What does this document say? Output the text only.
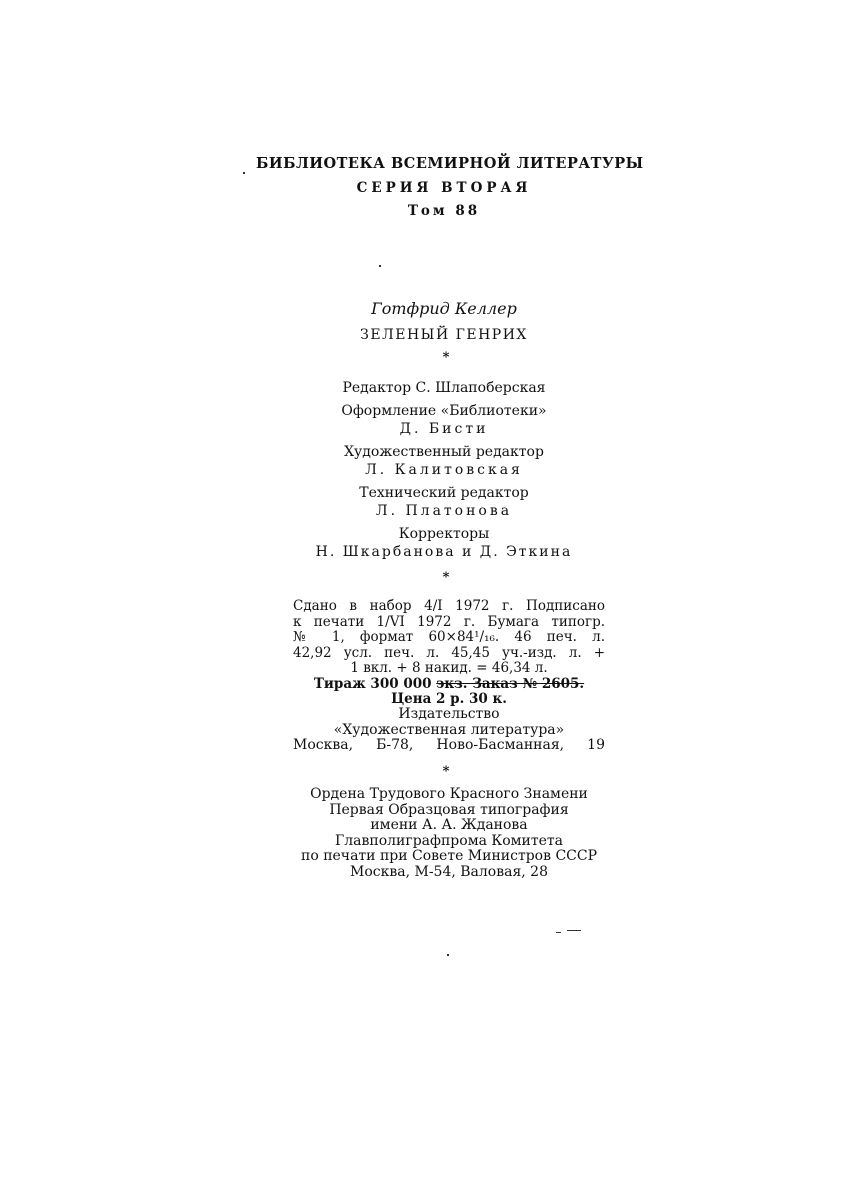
БИБЛИОТЕКА ВСЕМИРНОЙ ЛИТЕРАТУРЫ
СЕРИЯ ВТОРАЯ
Том 88
Готфрид Келлер
ЗЕЛЕНЫЙ ГЕНРИХ
*
Редактор С. Шлапоберская
Оформление «Библиотеки»
Д. Бисти
Художественный редактор
Л. Калитовская
Технический редактор
Л. Платонова
Корректоры
Н. Шкарбанова и Д. Эткина
*
Сдано в набор 4/I 1972 г. Подписано
к печати 1/VI 1972 г. Бумага типогр.
№ 1, формат 60×84¹/₁₆. 46 печ. л.
42,92 усл. печ. л. 45,45 уч.-изд. л. +
1 вкл. + 8 накид. = 46,34 л.
Тираж 300 000 экз. Заказ № 2605.
Цена 2 р. 30 к.
Издательство
«Художественная литература»
Москва, Б-78, Ново-Басманная, 19
*
Ордена Трудового Красного Знамени
Первая Образцовая типография
имени А. А. Жданова
Главполиграфпрома Комитета
по печати при Совете Министров СССР
Москва, М-54, Валовая, 28
